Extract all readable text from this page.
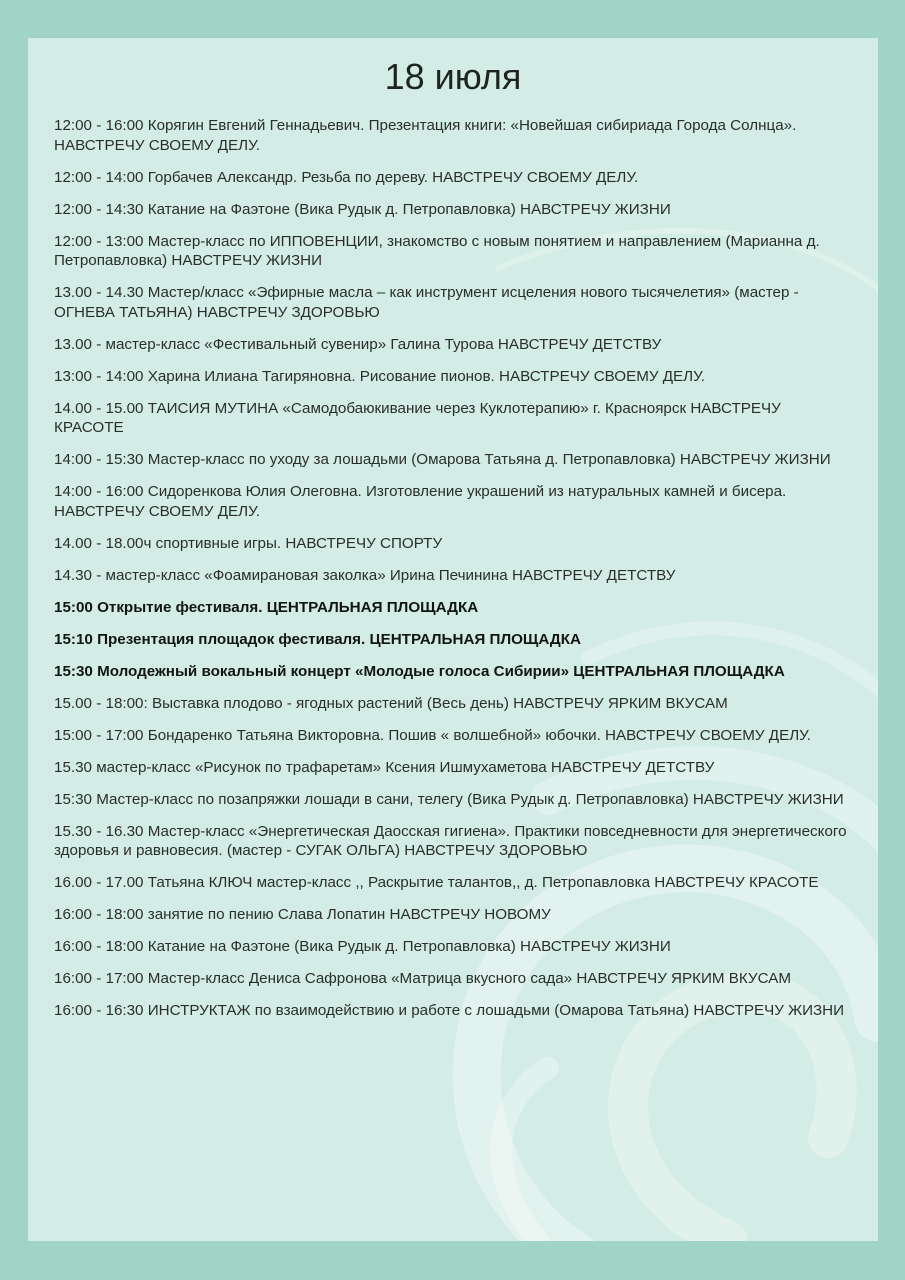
18 июля
12:00 - 16:00 Корягин Евгений Геннадьевич. Презентация книги: «Новейшая сибириада Города Солнца». НАВСТРЕЧУ СВОЕМУ ДЕЛУ.
12:00 - 14:00 Горбачев Александр. Резьба по дереву. НАВСТРЕЧУ СВОЕМУ ДЕЛУ.
12:00 - 14:30 Катание на Фаэтоне (Вика Рудык д. Петропавловка) НАВСТРЕЧУ ЖИЗНИ
12:00 - 13:00 Мастер-класс по ИППОВЕНЦИИ, знакомство с новым понятием и направлением (Марианна д. Петропавловка) НАВСТРЕЧУ ЖИЗНИ
13.00 - 14.30 Мастер/класс «Эфирные масла – как инструмент исцеления нового тысячелетия» (мастер - ОГНЕВА ТАТЬЯНА) НАВСТРЕЧУ ЗДОРОВЬЮ
13.00 - мастер-класс «Фестивальный сувенир» Галина Турова НАВСТРЕЧУ ДЕТСТВУ
13:00 - 14:00 Харина Илиана Тагиряновна. Рисование пионов. НАВСТРЕЧУ СВОЕМУ ДЕЛУ.
14.00 - 15.00 ТАИСИЯ МУТИНА «Самодобаюкивание через Куклотерапию» г. Красноярск НАВСТРЕЧУ КРАСОТЕ
14:00 - 15:30 Мастер-класс по уходу за лошадьми (Омарова Татьяна д. Петропавловка) НАВСТРЕЧУ ЖИЗНИ
14:00 - 16:00 Сидоренкова Юлия Олеговна. Изготовление украшений из натуральных камней и бисера. НАВСТРЕЧУ СВОЕМУ ДЕЛУ.
14.00 - 18.00ч спортивные игры. НАВСТРЕЧУ СПОРТУ
14.30 - мастер-класс «Фоамирановая заколка» Ирина Печинина НАВСТРЕЧУ ДЕТСТВУ
15:00 Открытие фестиваля. ЦЕНТРАЛЬНАЯ ПЛОЩАДКА
15:10 Презентация площадок фестиваля. ЦЕНТРАЛЬНАЯ ПЛОЩАДКА
15:30 Молодежный вокальный концерт «Молодые голоса Сибирии» ЦЕНТРАЛЬНАЯ ПЛОЩАДКА
15.00 - 18:00: Выставка плодово - ягодных растений (Весь день) НАВСТРЕЧУ ЯРКИМ ВКУСАМ
15:00 - 17:00 Бондаренко Татьяна Викторовна. Пошив « волшебной» юбочки. НАВСТРЕЧУ СВОЕМУ ДЕЛУ.
15.30 мастер-класс «Рисунок по трафаретам» Ксения Ишмухаметова НАВСТРЕЧУ ДЕТСТВУ
15:30 Мастер-класс по позапряжки лошади в сани, телегу (Вика Рудык д. Петропавловка) НАВСТРЕЧУ ЖИЗНИ
15.30 - 16.30 Мастер-класс «Энергетическая Даосская гигиена». Практики повседневности для энергетического здоровья и равновесия. (мастер - СУГАК ОЛЬГА) НАВСТРЕЧУ ЗДОРОВЬЮ
16.00 - 17.00 Татьяна КЛЮЧ мастер-класс ,, Раскрытие талантов,, д. Петропавловка НАВСТРЕЧУ КРАСОТЕ
16:00 - 18:00 занятие по пению Слава Лопатин НАВСТРЕЧУ НОВОМУ
16:00 - 18:00 Катание на Фаэтоне (Вика Рудык д. Петропавловка) НАВСТРЕЧУ ЖИЗНИ
16:00 - 17:00 Мастер-класс Дениса Сафронова «Матрица вкусного сада» НАВСТРЕЧУ ЯРКИМ ВКУСАМ
16:00 - 16:30 ИНСТРУКТАЖ по взаимодействию и работе с лошадьми (Омарова Татьяна) НАВСТРЕЧУ ЖИЗНИ
